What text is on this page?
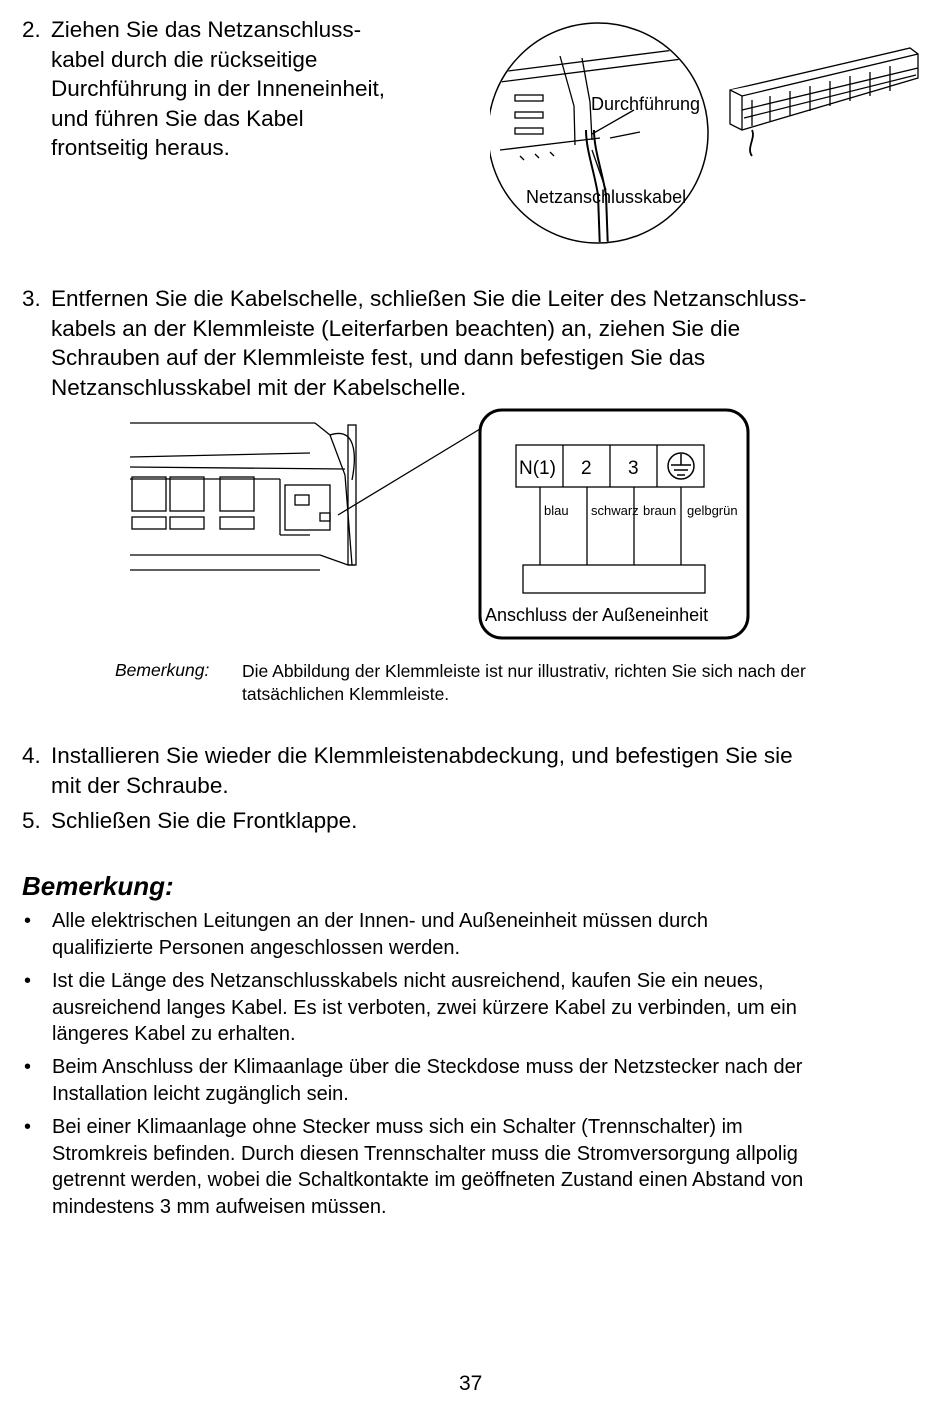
2. Ziehen Sie das Netzanschluss-
kabel durch die rückseitige
Durchführung in der Inneneinheit,
und führen Sie das Kabel
frontseitig heraus.
Durchführung
Netzanschlusskabel
3. Entfernen Sie die Kabelschelle, schließen Sie die Leiter des Netzanschluss-
kabels an der Klemmleiste (Leiterfarben beachten) an, ziehen Sie die
Schrauben auf der Klemmleiste fest, und dann befestigen Sie das
Netzanschlusskabel mit der Kabelschelle.
N(1) 2 3
blau schwarz braun gelbgrün
Anschluss der Außeneinheit
Bemerkung: Die Abbildung der Klemmleiste ist nur illustrativ, richten Sie sich nach der
tatsächlichen Klemmleiste.
4. Installieren Sie wieder die Klemmleistenabdeckung, und befestigen Sie sie
mit der Schraube.
5. Schließen Sie die Frontklappe.
Bemerkung:
• Alle elektrischen Leitungen an der Innen- und Außeneinheit müssen durch
qualifizierte Personen angeschlossen werden.
• Ist die Länge des Netzanschlusskabels nicht ausreichend, kaufen Sie ein neues,
ausreichend langes Kabel. Es ist verboten, zwei kürzere Kabel zu verbinden, um ein
längeres Kabel zu erhalten.
• Beim Anschluss der Klimaanlage über die Steckdose muss der Netzstecker nach der
Installation leicht zugänglich sein.
• Bei einer Klimaanlage ohne Stecker muss sich ein Schalter (Trennschalter) im
Stromkreis befinden. Durch diesen Trennschalter muss die Stromversorgung allpolig
getrennt werden, wobei die Schaltkontakte im geöffneten Zustand einen Abstand von
mindestens 3 mm aufweisen müssen.
37
